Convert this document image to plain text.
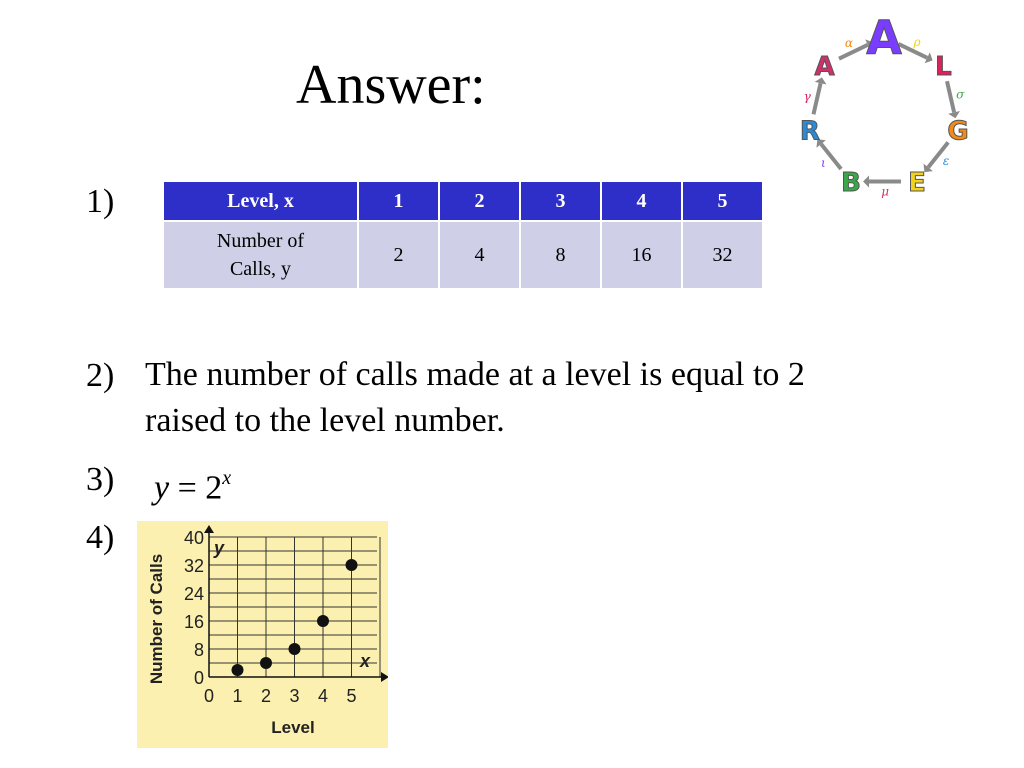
Answer:
1)	Level, x	1	2	3	4	5
Number of
Calls, y	2	4	8	16	32
2) The number of calls made at a level is equal to 2
raised to the level number.
3) $y = 2^x$
4)
0
8
16
24
32
40
0 1 2 3 4 5
Number of Calls
Level
y
x
A
L
G
E
B
R
A
ρ
σ
ε
μ
ι
γ
α
